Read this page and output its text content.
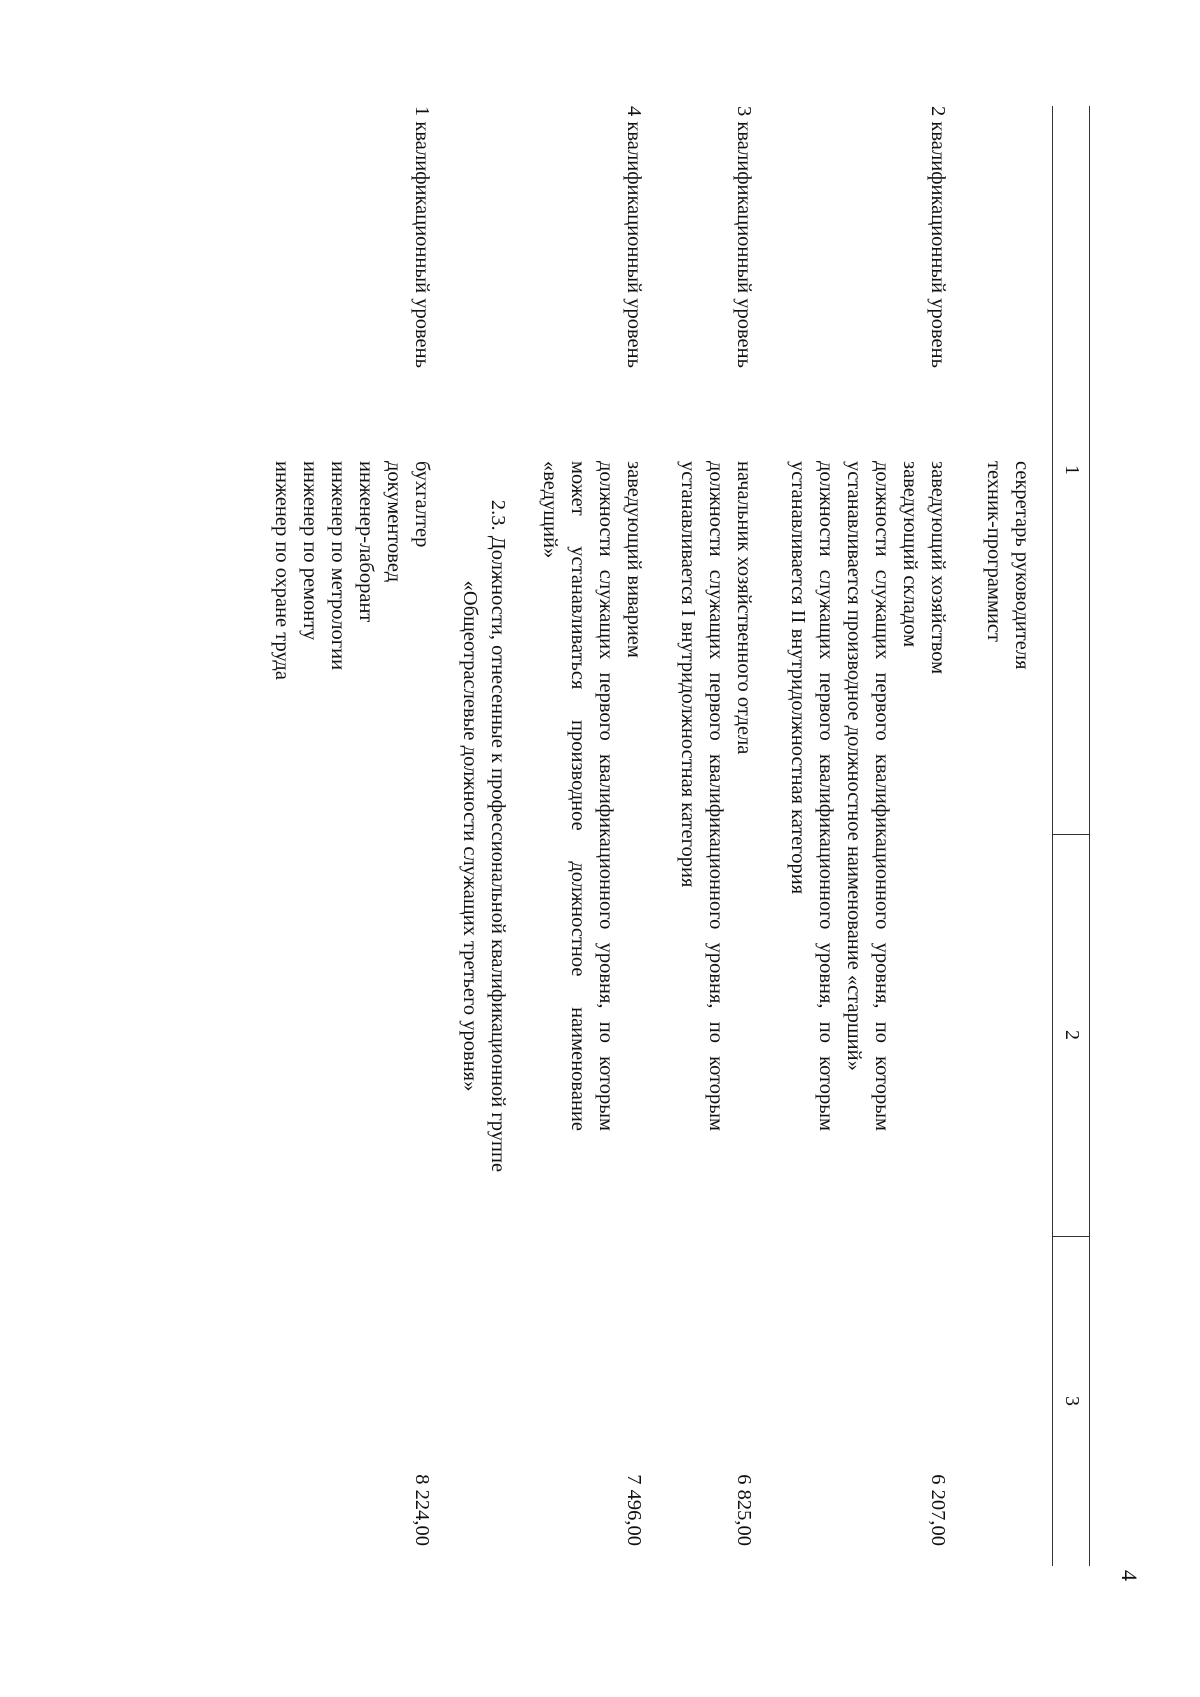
4
1
2
3
секретарь руководителя
техник-программист
2 квалификационный уровень
заведующий хозяйством
заведующий складом
должности служащих первого квалификационного уровня, по которым
устанавливается производное должностное наименование «старший»
должности служащих первого квалификационного уровня, по которым
устанавливается II внутридолжностная категория
6 207,00
3 квалификационный уровень
начальник хозяйственного отдела
должности служащих первого квалификационного уровня, по которым
устанавливается I внутридолжностная категория
6 825,00
4 квалификационный уровень
заведующий виварием
должности служащих первого квалификационного уровня, по которым
может устанавливаться производное должностное наименование
«ведущий»
7 496,00
2.3. Должности, отнесенные к профессиональной квалификационной группе
«Общеотраслевые должности служащих третьего уровня»
1 квалификационный уровень
бухгалтер
документовед
инженер-лаборант
инженер по метрологии
инженер по ремонту
инженер по охране труда
8 224,00
